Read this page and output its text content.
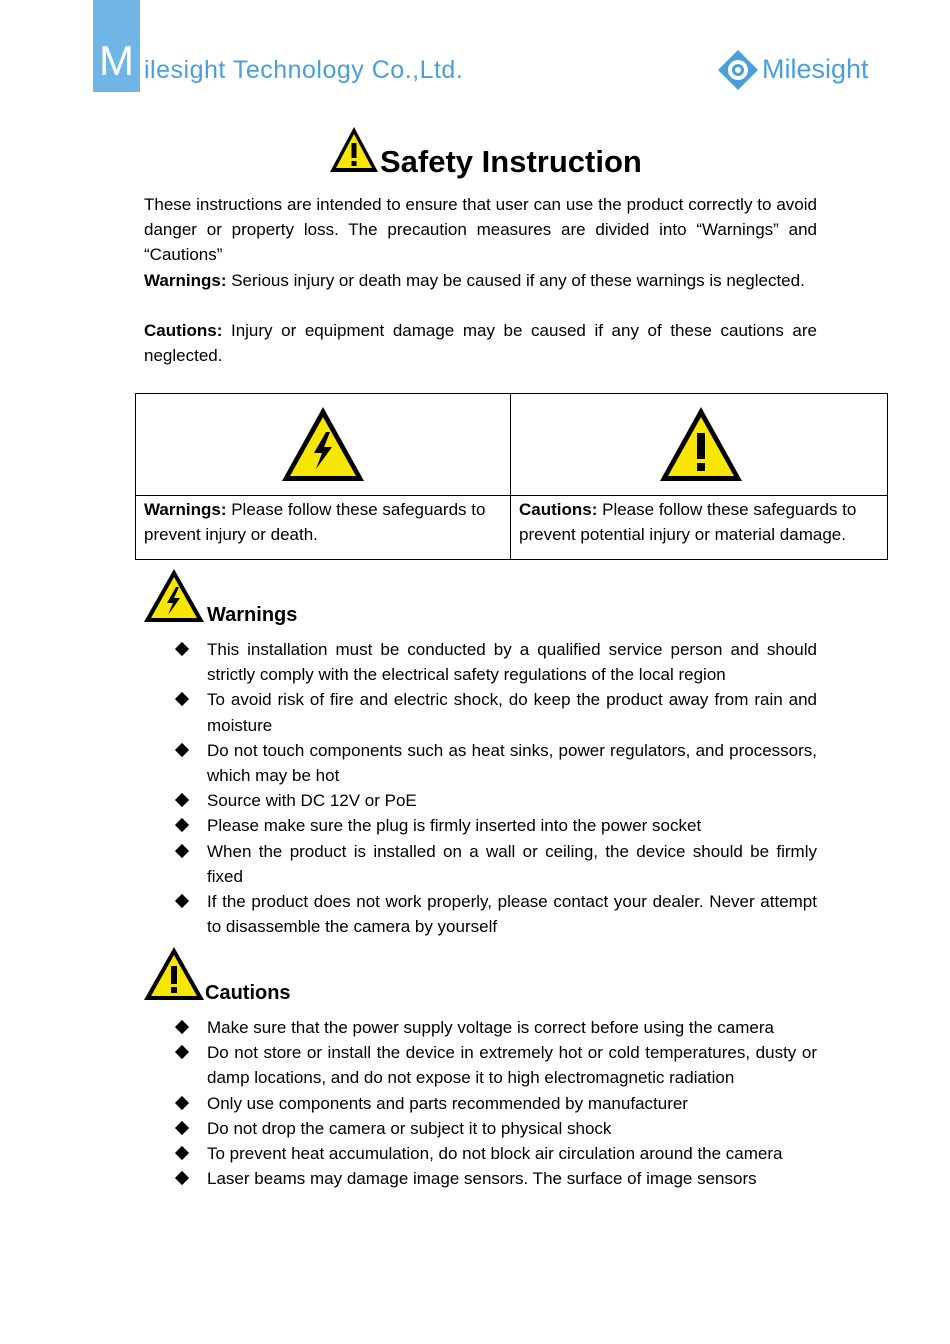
M ilesight Technology Co.,Ltd.	Milesight
Safety Instruction
These instructions are intended to ensure that user can use the product correctly to avoid danger or property loss. The precaution measures are divided into “Warnings” and “Cautions”
Warnings: Serious injury or death may be caused if any of these warnings is neglected.
Cautions: Injury or equipment damage may be caused if any of these cautions are neglected.
Warnings: Please follow these safeguards to prevent injury or death.
Cautions: Please follow these safeguards to prevent potential injury or material damage.
Warnings
This installation must be conducted by a qualified service person and should strictly comply with the electrical safety regulations of the local region
To avoid risk of fire and electric shock, do keep the product away from rain and moisture
Do not touch components such as heat sinks, power regulators, and processors, which may be hot
Source with DC 12V or PoE
Please make sure the plug is firmly inserted into the power socket
When the product is installed on a wall or ceiling, the device should be firmly fixed
If the product does not work properly, please contact your dealer. Never attempt to disassemble the camera by yourself
Cautions
Make sure that the power supply voltage is correct before using the camera
Do not store or install the device in extremely hot or cold temperatures, dusty or damp locations, and do not expose it to high electromagnetic radiation
Only use components and parts recommended by manufacturer
Do not drop the camera or subject it to physical shock
To prevent heat accumulation, do not block air circulation around the camera
Laser beams may damage image sensors. The surface of image sensors
